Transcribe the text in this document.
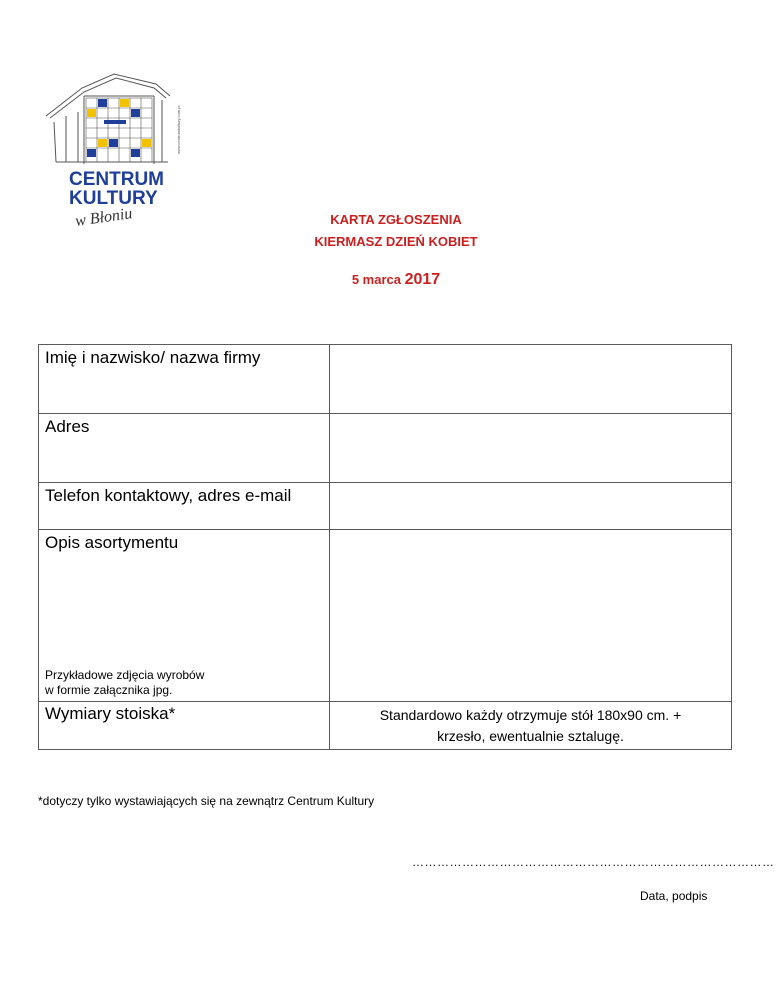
www.centrumkultury.com.pl
CENTRUM
KULTURY
w Błoniu	KARTA ZGŁOSZENIA
KIERMASZ DZIEŃ KOBIET
5 marca 2017
Imię i nazwisko/ nazwa firmy	

Adres	

Telefon kontaktowy, adres e-mail	

Opis asortymentu
Przykładowe zdjęcia wyrobów
w formie załącznika jpg.	

Wymiary stoiska*	Standardowo każdy otrzymuje stół 180x90 cm. +
krzesło, ewentualnie sztalugę.
*dotyczy tylko wystawiających się na zewnątrz Centrum Kultury
……………………………………………………………………………
Data, podpis
